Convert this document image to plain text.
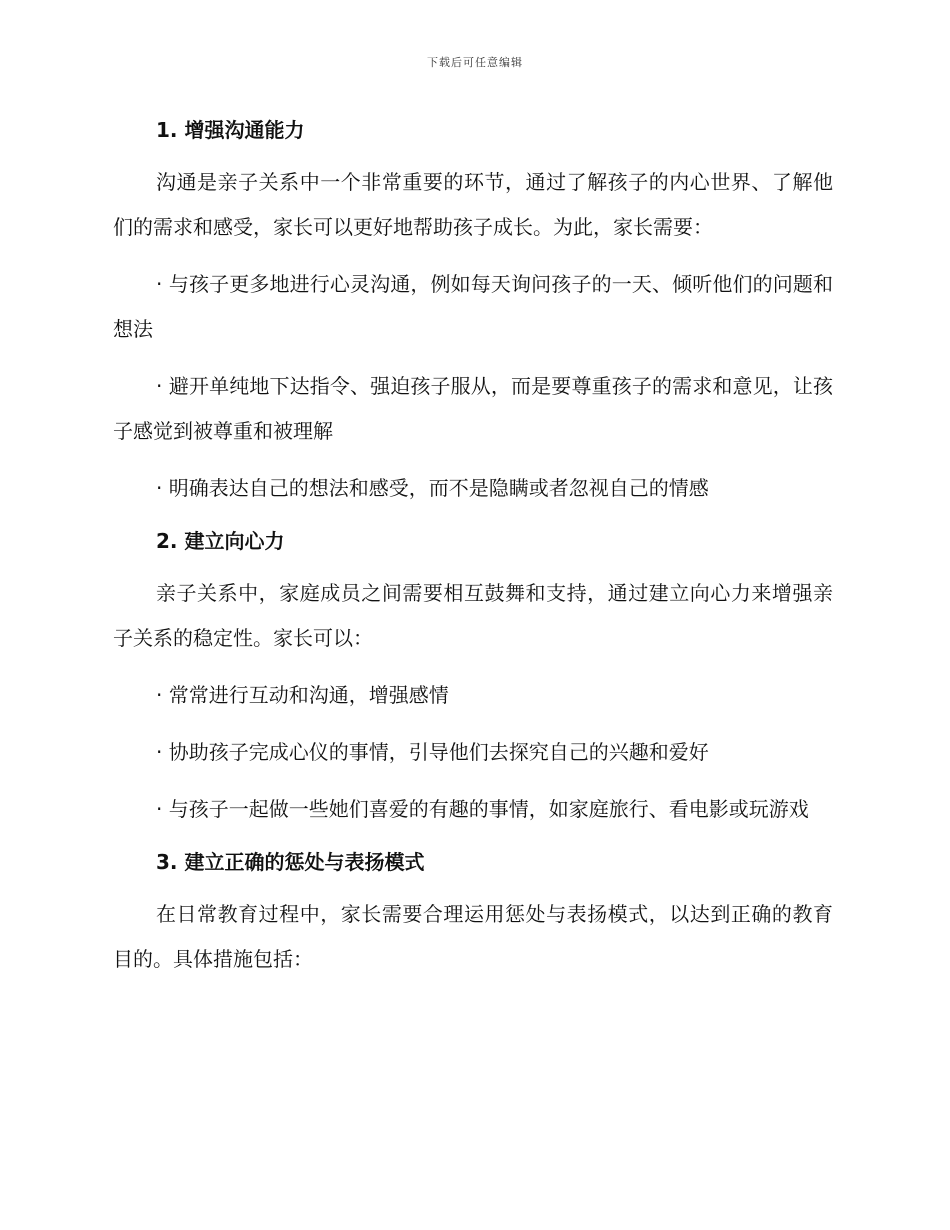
下载后可任意编辑
1. 增强沟通能力

沟通是亲子关系中一个非常重要的环节，通过了解孩子的内心世界、了解他们的需求和感受，家长可以更好地帮助孩子成长。为此，家长需要：

· 与孩子更多地进行心灵沟通，例如每天询问孩子的一天、倾听他们的问题和想法

· 避开单纯地下达指令、强迫孩子服从，而是要尊重孩子的需求和意见，让孩子感觉到被尊重和被理解

· 明确表达自己的想法和感受，而不是隐瞒或者忽视自己的情感

2. 建立向心力

亲子关系中，家庭成员之间需要相互鼓舞和支持，通过建立向心力来增强亲子关系的稳定性。家长可以：

· 常常进行互动和沟通，增强感情

· 协助孩子完成心仪的事情，引导他们去探究自己的兴趣和爱好

· 与孩子一起做一些她们喜爱的有趣的事情，如家庭旅行、看电影或玩游戏

3. 建立正确的惩处与表扬模式

在日常教育过程中，家长需要合理运用惩处与表扬模式，以达到正确的教育目的。具体措施包括：
